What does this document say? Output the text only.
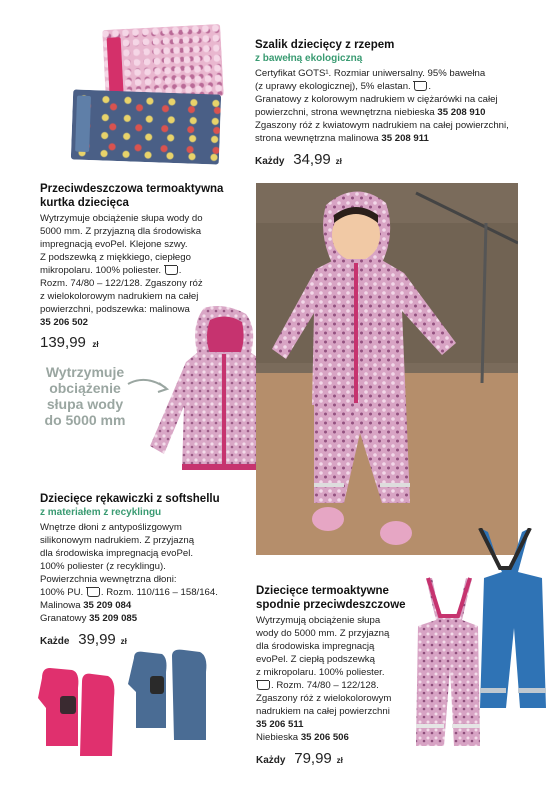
Szalik dziecięcy z rzepem
z bawełną ekologiczną
Certyfikat GOTS¹. Rozmiar uniwersalny. 95% bawełna
(z uprawy ekologicznej), 5% elastan. .
Granatowy z kolorowym nadrukiem w ciężarówki na całej
powierzchni, strona wewnętrzna niebieska 35 208 910
Zgaszony róż z kwiatowym nadrukiem na całej powierzchni,
strona wewnętrzna malinowa 35 208 911
Każdy 34,99 zł
Przeciwdeszczowa termoaktywna
kurtka dziecięca
Wytrzymuje obciążenie słupa wody do
5000 mm. Z przyjazną dla środowiska
impregnacją evoPel. Klejone szwy.
Z podszewką z miękkiego, ciepłego
mikropolaru. 100% poliester. .
Rozm. 74/80 – 122/128. Zgaszony róż
z wielokolorowym nadrukiem na całej
powierzchni, podszewka: malinowa
35 206 502
139,99 zł
Wytrzymuje
obciążenie
słupa wody
do 5000 mm
Dziecięce rękawiczki z softshellu
z materiałem z recyklingu
Wnętrze dłoni z antypoślizgowym
silikonowym nadrukiem. Z przyjazną
dla środowiska impregnacją evoPel.
100% poliester (z recyklingu).
Powierzchnia wewnętrzna dłoni:
100% PU. . Rozm. 110/116 – 158/164.
Malinowa 35 209 084
Granatowy 35 209 085
Każde 39,99 zł
Dziecięce termoaktywne
spodnie przeciwdeszczowe
Wytrzymują obciążenie słupa
wody do 5000 mm. Z przyjazną
dla środowiska impregnacją
evoPel. Z ciepłą podszewką
z mikropolaru. 100% poliester.
. Rozm. 74/80 – 122/128.
Zgaszony róż z wielokolorowym
nadrukiem na całej powierzchni
35 206 511
Niebieska 35 206 506
Każdy 79,99 zł
